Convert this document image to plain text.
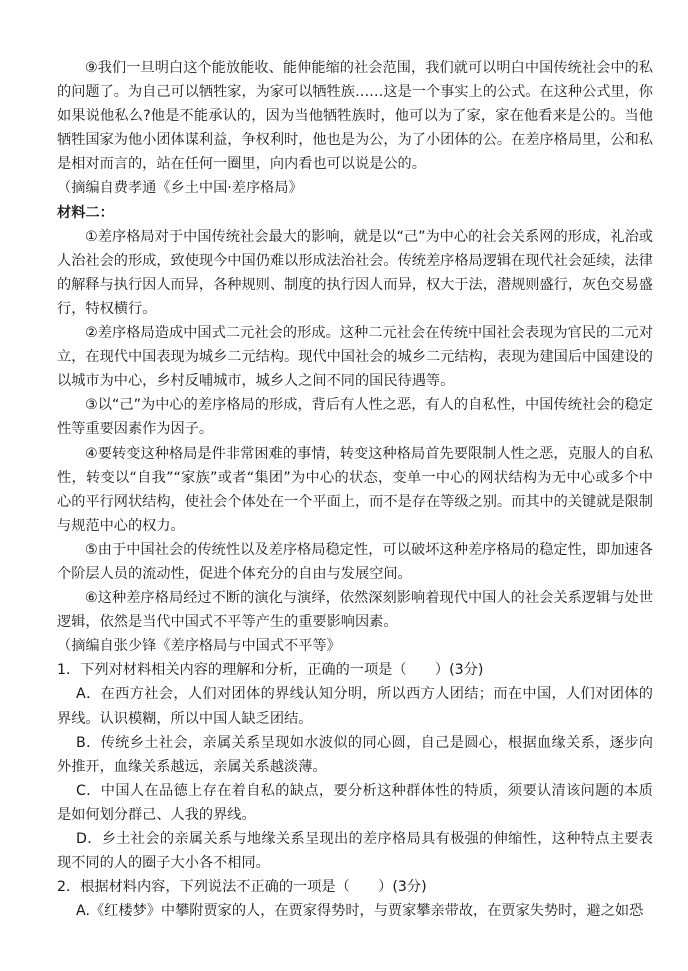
⑨我们一旦明白这个能放能收、能伸能缩的社会范围，我们就可以明白中国传统社会中的私的问题了。为自己可以牺牲家，为家可以牺牲族……这是一个事实上的公式。在这种公式里，你如果说他私么?他是不能承认的，因为当他牺牲族时，他可以为了家，家在他看来是公的。当他牺牲国家为他小团体谋利益，争权利时，他也是为公，为了小团体的公。在差序格局里，公和私是相对而言的，站在任何一圈里，向内看也可以说是公的。

（摘编自费孝通《乡土中国·差序格局》

材料二：

①差序格局对于中国传统社会最大的影响，就是以“己”为中心的社会关系网的形成，礼治或人治社会的形成，致使现今中国仍难以形成法治社会。传统差序格局逻辑在现代社会延续，法律的解释与执行因人而异，各种规则、制度的执行因人而异，权大于法，潜规则盛行，灰色交易盛行，特权横行。

②差序格局造成中国式二元社会的形成。这种二元社会在传统中国社会表现为官民的二元对立，在现代中国表现为城乡二元结构。现代中国社会的城乡二元结构，表现为建国后中国建设的以城市为中心，乡村反哺城市，城乡人之间不同的国民待遇等。

③以“己”为中心的差序格局的形成，背后有人性之恶，有人的自私性，中国传统社会的稳定性等重要因素作为因子。

④要转变这种格局是件非常困难的事情，转变这种格局首先要限制人性之恶，克服人的自私性，转变以“自我”“家族”或者“集团”为中心的状态，变单一中心的网状结构为无中心或多个中心的平行网状结构，使社会个体处在一个平面上，而不是存在等级之别。而其中的关键就是限制与规范中心的权力。

⑤由于中国社会的传统性以及差序格局稳定性，可以破坏这种差序格局的稳定性，即加速各个阶层人员的流动性，促进个体充分的自由与发展空间。

⑥这种差序格局经过不断的演化与演绎，依然深刻影响着现代中国人的社会关系逻辑与处世逻辑，依然是当代中国式不平等产生的重要影响因素。

（摘编自张少锋《差序格局与中国式不平等》

1．下列对材料相关内容的理解和分析，正确的一项是（　　）(3分)

A．在西方社会，人们对团体的界线认知分明，所以西方人团结；而在中国，人们对团体的界线。认识模糊，所以中国人缺乏团结。

B．传统乡土社会，亲属关系呈现如水波似的同心圆，自己是圆心，根据血缘关系，逐步向外推开，血缘关系越远，亲属关系越淡薄。

C．中国人在品德上存在着自私的缺点，要分析这种群体性的特质，须要认清该问题的本质是如何划分群己、人我的界线。

D．乡土社会的亲属关系与地缘关系呈现出的差序格局具有极强的伸缩性，这种特点主要表现不同的人的圈子大小各不相同。

2．根据材料内容，下列说法不正确的一项是（　　）(3分)

A.《红楼梦》中攀附贾家的人，在贾家得势时，与贾家攀亲带故，在贾家失势时，避之如恐
